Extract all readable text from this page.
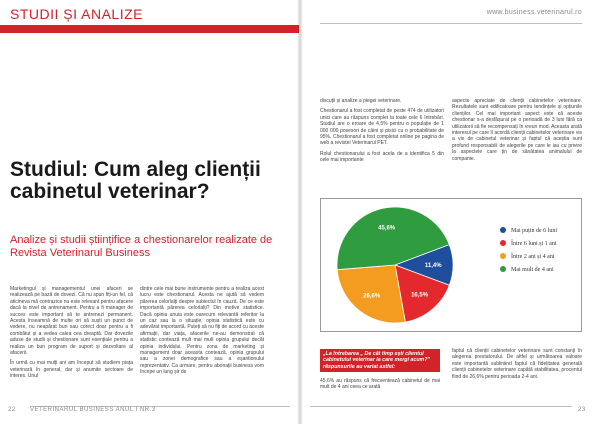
STUDII ȘI ANALIZE
Studiul: Cum aleg clienții cabinetul veterinar?

Analize și studii științifice a chestionarelor realizate de Revista Veterinarul Business

Marketingul și managementul unei afaceri se realizează pe bază de dovezi. Că nu spun fiți-un fel, că aticineva mă contrazice nu este relevant pentru afacere dacă la nivel de antrenament. Pentru a fi manager de succes este important să te antrenezi permanent. Acesta înseamnă de multe ori să suști un punct de vedere, nu neapărat bun sau corect doar pentru a fi combătut și a vedea calea cea dreaptă. Dar dovezile aduse de studii și chestionare sunt esențiale pentru a realiza un bun program de suport și dezvoltare al afacerii.

În urmă cu mai mulți ani am început să studiem piața veterinară în general, dar și anumite sectoare de interes. Unul

dintre cele mai bune instrumente pentru a realiza acest lucru este chestionarul. Acesta ne ajută să vedem părerea celorlalți despre subiectul în cauză. De ce este importantă părerea celorlalți? Din motive statistice. Dacă opinia unuia este oarecum relevantă referitor la un caz sau la o situație, opinia statistică este cu adevărat importantă. Puteți să nu fiți de acord cu aceste afirmații, dar viața, afacerile ne-au demonstrat că statistic contează mult mai mult opinia grupului decât opinia individului. Pentru zona de marketing și management doar aceasta contează, opinia grupului sau a zonei demografice sau a eșantionului reprezentativ. Ca urmare, pentru abonații business vom începe un lung șir de

22 VETERINARUL BUSINESS ANUL I NR.3
www.business.veterinarul.ro

discuții și analize a piegei veterinare.

Chestionarul a fost completat de peste 474 de utilizatori unici care au răspuns complet la toate cele 6 întrebări. Studiul are o eroare de 4,5% pentru o populație de 1 000 000 posesori de câini și pisici cu o probabilitate de 95%. Chestionarul a fost completat online pe pagina de web a revistei Veterinarul PET.

Rolul chestionarului a fost acela de a identifica 5 din cele mai importante

aspecte apreciate de clienții cabinetelor veterinare. Rezultatele sunt edificatoare pentru tendințele și opțiunile clienților. Cel mai important aspect este că aceste chestionar s-a desfășurat pe o perioadă de 3 luni fără ca utilizatorii să fie recompensați în vreun mod. Aceasta arată interesul pe care îl acordă clienții cabinetelor veterinare vis a vis de cabinetul veterinar și faptul că aceștia sunt profund responsabili de alegerile pe care le iau cu privire la aspectele care țin de sănătatea animalului de companie.

11,4%
16,5%
26,6%
45,6%	Mai puțin de 6 luni
Între 6 luni și 1 ani
Între 2 ani și 4 ani
Mai mult de 4 ani
„La întrebarea „ De cât timp ești clientul cabinetului veterinar la care mergi acum?" răspunsurile au variat astfel:

45,6% au răspuns că frecventează cabinetul de mai mult de 4 ani ceea ce arată

faptul că clienții cabinetelor veterinare sunt constanți în alegerea prestatorului. De altfel și următoarea valoare este importantă subliniind faptul că fidelitatea generală clienții cabinetelor veterinare capătă stabilitatea, procentul fiind de 26,6% pentru perioada 2-4 ani.

23
